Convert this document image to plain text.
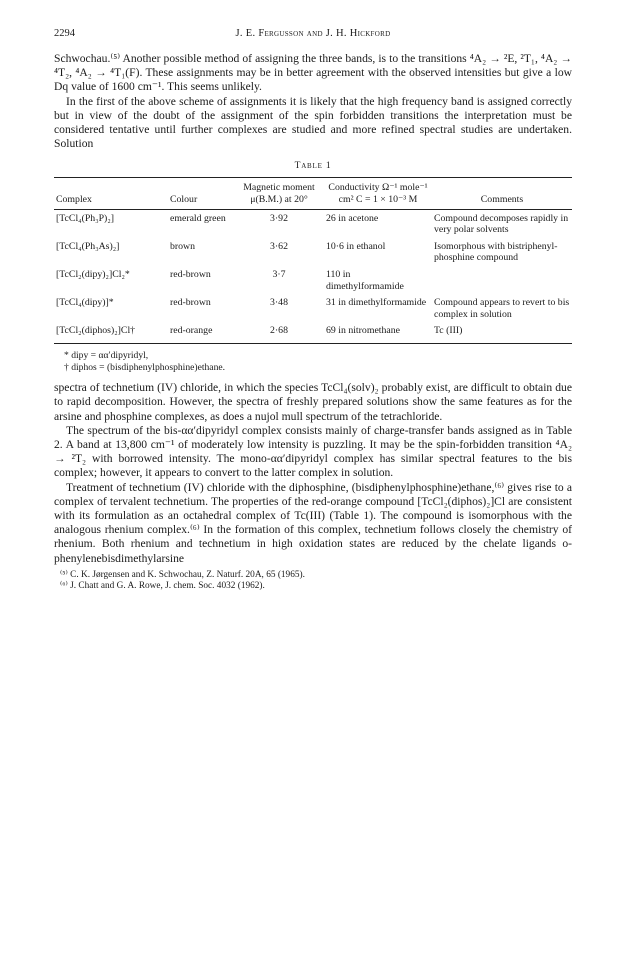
2294	J. E. Fergusson and J. H. Hickford

Schwochau.⁽⁵⁾ Another possible method of assigning the three bands, is to the transitions ⁴A₂ → ²E, ²T₁, ⁴A₂ → ⁴T₂, ⁴A₂ → ⁴T₁(F). These assignments may be in better agreement with the observed intensities but give a low Dq value of 1600 cm⁻¹. This seems unlikely.

In the first of the above scheme of assignments it is likely that the high frequency band is assigned correctly but in view of the doubt of the assignment of the spin forbidden transitions the interpretation must be considered tentative until further complexes are studied and more refined spectral studies are undertaken. Solution

Table 1
Complex	Colour	Magnetic moment μ(B.M.) at 20°	Conductivity Ω⁻¹ mole⁻¹ cm² C = 1 × 10⁻³ M	Comments
[TcCl₄(Ph₃P)₂]	emerald green	3·92	26 in acetone	Compound decomposes rapidly in very polar solvents
[TcCl₄(Ph₃As)₂]	brown	3·62	10·6 in ethanol	Isomorphous with bistriphenyl-phosphine compound
[TcCl₂(dipy)₂]Cl₂*	red-brown	3·7	110 in dimethylformamide	
[TcCl₄(dipy)]*	red-brown	3·48	31 in dimethylformamide	Compound appears to revert to bis complex in solution
[TcCl₂(diphos)₂]Cl†	red-orange	2·68	69 in nitromethane	Tc (III)
* dipy = αα′dipyridyl,
† diphos = (bisdiphenylphosphine)ethane.

spectra of technetium (IV) chloride, in which the species TcCl₄(solv)₂ probably exist, are difficult to obtain due to rapid decomposition. However, the spectra of freshly prepared solutions show the same features as for the arsine and phosphine complexes, as does a nujol mull spectrum of the tetrachloride.

The spectrum of the bis-αα′dipyridyl complex consists mainly of charge-transfer bands assigned as in Table 2. A band at 13,800 cm⁻¹ of moderately low intensity is puzzling. It may be the spin-forbidden transition ⁴A₂ → ²T₂ with borrowed intensity. The mono-αα′dipyridyl complex has similar spectral features to the bis complex; however, it appears to convert to the latter complex in solution.

Treatment of technetium (IV) chloride with the diphosphine, (bisdiphenylphosphine)ethane,⁽⁶⁾ gives rise to a complex of tervalent technetium. The properties of the red-orange compound [TcCl₂(diphos)₂]Cl are consistent with its formulation as an octahedral complex of Tc(III) (Table 1). The compound is isomorphous with the analogous rhenium complex.⁽⁶⁾ In the formation of this complex, technetium follows closely the chemistry of rhenium. Both rhenium and technetium in high oxidation states are reduced by the chelate ligands o-phenylenebisdimethylarsine

⁽⁵⁾ C. K. Jørgensen and K. Schwochau, Z. Naturf. 20A, 65 (1965).
⁽⁶⁾ J. Chatt and G. A. Rowe, J. chem. Soc. 4032 (1962).
